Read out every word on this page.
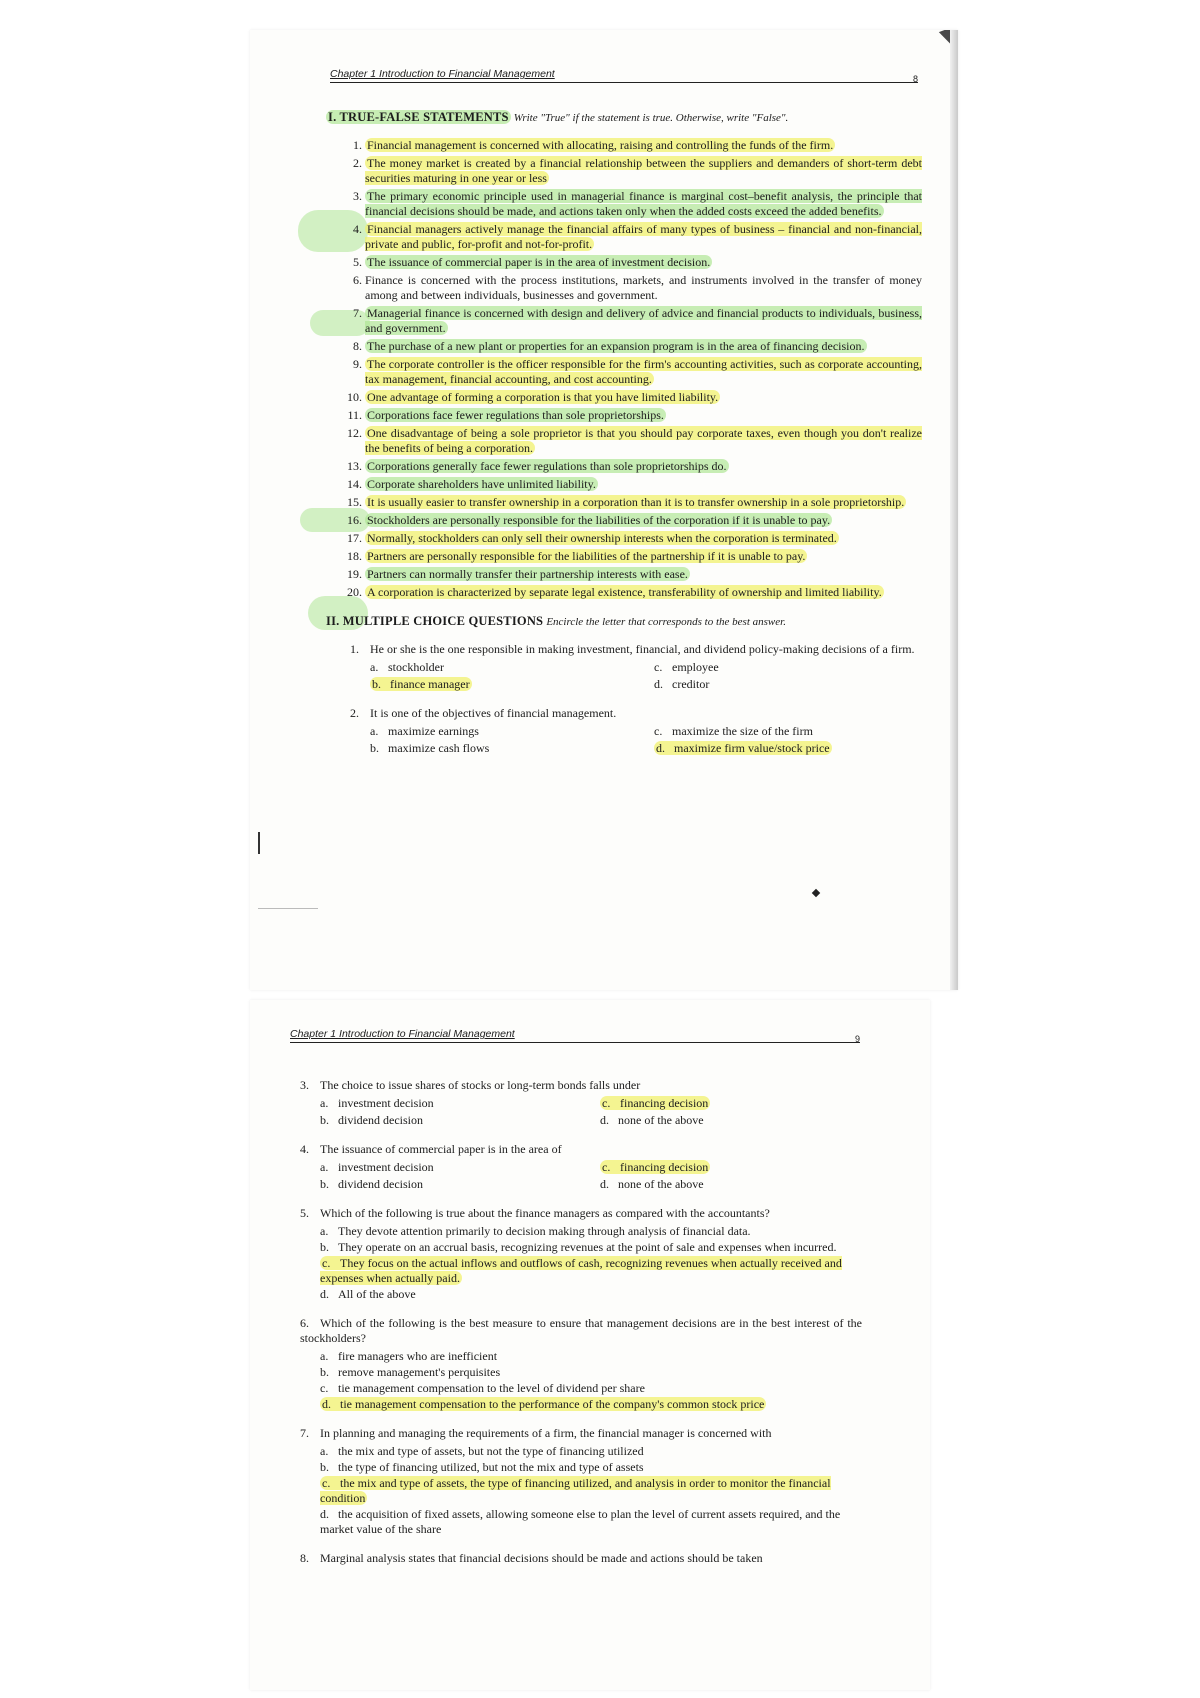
Chapter 1 Introduction to Financial Management	8
I. TRUE-FALSE STATEMENTS Write "True" if the statement is true. Otherwise, write "False".
1. Financial management is concerned with allocating, raising and controlling the funds of the firm.
2. The money market is created by a financial relationship between the suppliers and demanders of short-term debt securities maturing in one year or less
3. The primary economic principle used in managerial finance is marginal cost–benefit analysis, the principle that financial decisions should be made, and actions taken only when the added costs exceed the added benefits.
4. Financial managers actively manage the financial affairs of many types of business – financial and non-financial, private and public, for-profit and not-for-profit.
5. The issuance of commercial paper is in the area of investment decision.
6. Finance is concerned with the process institutions, markets, and instruments involved in the transfer of money among and between individuals, businesses and government.
7. Managerial finance is concerned with design and delivery of advice and financial products to individuals, business, and government.
8. The purchase of a new plant or properties for an expansion program is in the area of financing decision.
9. The corporate controller is the officer responsible for the firm's accounting activities, such as corporate accounting, tax management, financial accounting, and cost accounting.
10. One advantage of forming a corporation is that you have limited liability.
11. Corporations face fewer regulations than sole proprietorships.
12. One disadvantage of being a sole proprietor is that you should pay corporate taxes, even though you don't realize the benefits of being a corporation.
13. Corporations generally face fewer regulations than sole proprietorships do.
14. Corporate shareholders have unlimited liability.
15. It is usually easier to transfer ownership in a corporation than it is to transfer ownership in a sole proprietorship.
16. Stockholders are personally responsible for the liabilities of the corporation if it is unable to pay.
17. Normally, stockholders can only sell their ownership interests when the corporation is terminated.
18. Partners are personally responsible for the liabilities of the partnership if it is unable to pay.
19. Partners can normally transfer their partnership interests with ease.
20. A corporation is characterized by separate legal existence, transferability of ownership and limited liability.
II. MULTIPLE CHOICE QUESTIONS Encircle the letter that corresponds to the best answer.
1. He or she is the one responsible in making investment, financial, and dividend policy-making decisions of a firm.
a. stockholder	c. employee
b. finance manager	d. creditor
2. It is one of the objectives of financial management.
a. maximize earnings	c. maximize the size of the firm
b. maximize cash flows	d. maximize firm value/stock price
Chapter 1 Introduction to Financial Management	9
3. The choice to issue shares of stocks or long-term bonds falls under
a. investment decision	c. financing decision
b. dividend decision	d. none of the above
4. The issuance of commercial paper is in the area of
a. investment decision	c. financing decision
b. dividend decision	d. none of the above
5. Which of the following is true about the finance managers as compared with the accountants?
a. They devote attention primarily to decision making through analysis of financial data.
b. They operate on an accrual basis, recognizing revenues at the point of sale and expenses when incurred.
c. They focus on the actual inflows and outflows of cash, recognizing revenues when actually received and expenses when actually paid.
d. All of the above
6. Which of the following is the best measure to ensure that management decisions are in the best interest of the stockholders?
a. fire managers who are inefficient
b. remove management's perquisites
c. tie management compensation to the level of dividend per share
d. tie management compensation to the performance of the company's common stock price
7. In planning and managing the requirements of a firm, the financial manager is concerned with
a. the mix and type of assets, but not the type of financing utilized
b. the type of financing utilized, but not the mix and type of assets
c. the mix and type of assets, the type of financing utilized, and analysis in order to monitor the financial condition
d. the acquisition of fixed assets, allowing someone else to plan the level of current assets required, and the market value of the share
8. Marginal analysis states that financial decisions should be made and actions should be taken
